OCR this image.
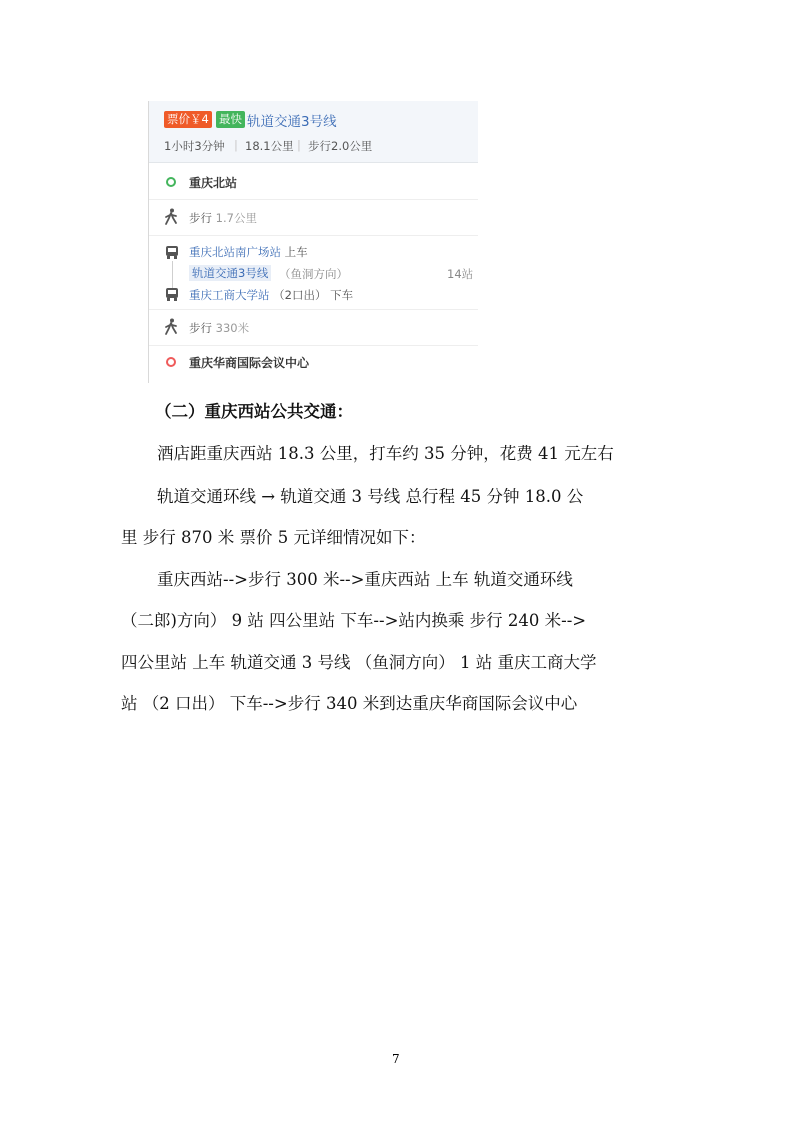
票价￥4 最快 轨道交通3号线
1小时3分钟 | 18.1公里 | 步行2.0公里
重庆北站
步行 1.7公里
重庆北站南广场站 上车
轨道交通3号线 （鱼洞方向）	14站
重庆工商大学站 （2口出） 下车
步行 330米
重庆华商国际会议中心
（二）重庆西站公共交通：
酒店距重庆西站 18.3 公里，打车约 35 分钟，花费 41 元左右
轨道交通环线 → 轨道交通 3 号线 总行程 45 分钟 18.0 公
里 步行 870 米 票价 5 元详细情况如下：
重庆西站-->步行 300 米-->重庆西站 上车 轨道交通环线
（二郎)方向） 9 站 四公里站 下车-->站内换乘 步行 240 米-->
四公里站 上车 轨道交通 3 号线 （鱼洞方向） 1 站 重庆工商大学
站 （2 口出） 下车-->步行 340 米到达重庆华商国际会议中心
7
